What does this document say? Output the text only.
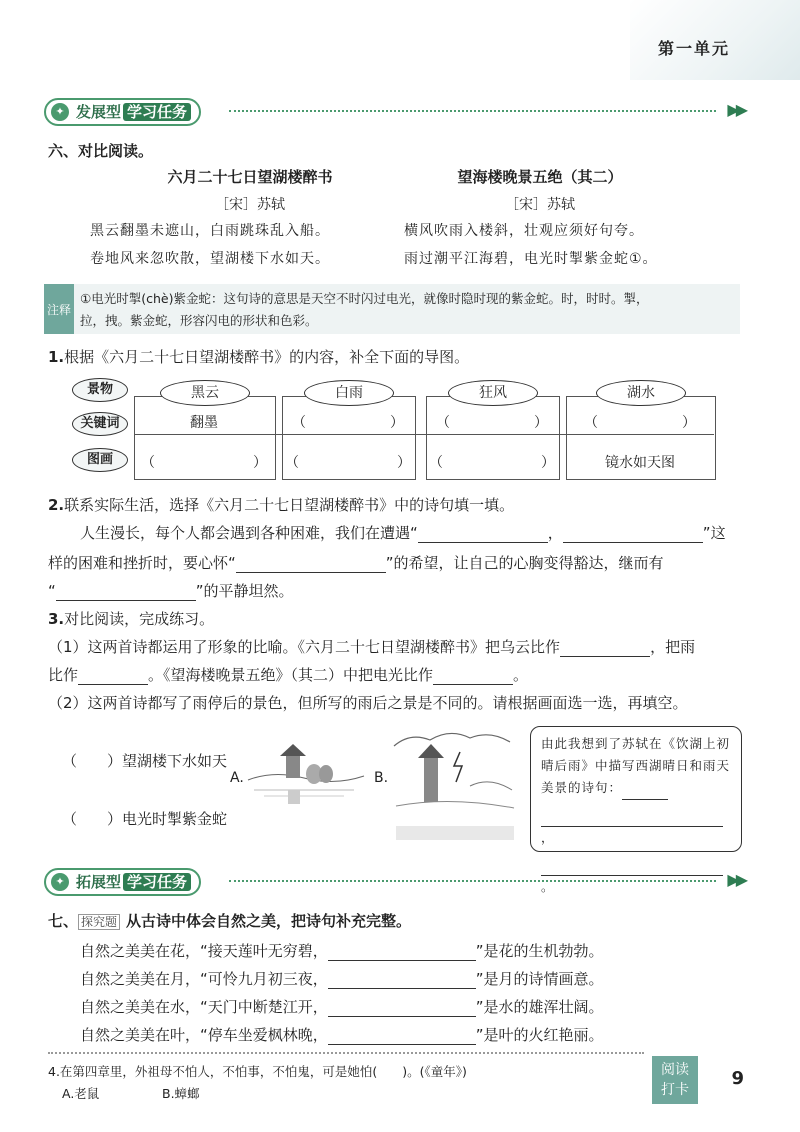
第一单元
✦ 发展型 学习任务	▶▶
六、对比阅读。
六月二十七日望湖楼醉书
［宋］苏轼
黑云翻墨未遮山，白雨跳珠乱入船。
卷地风来忽吹散，望湖楼下水如天。
望海楼晚景五绝（其二）
［宋］苏轼
横风吹雨入楼斜，壮观应须好句夸。
雨过潮平江海碧，电光时掣紫金蛇①。
注释
①电光时掣(chè)紫金蛇：这句诗的意思是天空不时闪过电光，就像时隐时现的紫金蛇。时，时时。掣，
拉，拽。紫金蛇，形容闪电的形状和色彩。
1.根据《六月二十七日望湖楼醉书》的内容，补全下面的导图。
景物
关键词
图画
黑云	白雨	狂风	湖水
翻墨	（　　　　　　）	（　　　　　　）	（　　　　　　）
（　　　　　　　）	（　　　　　　　） （　　　　　　　）	镜水如天图
2.联系实际生活，选择《六月二十七日望湖楼醉书》中的诗句填一填。
人生漫长，每个人都会遇到各种困难，我们在遭遇“	，	”这
样的困难和挫折时，要心怀“	”的希望，让自己的心胸变得豁达，继而有
“	”的平静坦然。
3.对比阅读，完成练习。
（1）这两首诗都运用了形象的比喻。《六月二十七日望湖楼醉书》把乌云比作	，把雨
比作	。《望海楼晚景五绝》（其二）中把电光比作	。
（2）这两首诗都写了雨停后的景色，但所写的雨后之景是不同的。请根据画面选一选，再填空。
（　　）望湖楼下水如天
（　　）电光时掣紫金蛇
A.	B.
由此我想到了苏轼在《饮湖上初晴后雨》中描写西湖晴日和雨天美景的诗句：
，
。
✦ 拓展型 学习任务	▶▶
七、 探究题 从古诗中体会自然之美，把诗句补充完整。
自然之美美在花，“接天莲叶无穷碧，	”是花的生机勃勃。
自然之美美在月，“可怜九月初三夜，	”是月的诗情画意。
自然之美美在水，“天门中断楚江开，	”是水的雄浑壮阔。
自然之美美在叶，“停车坐爱枫林晚，	”是叶的火红艳丽。
4.在第四章里，外祖母不怕人，不怕事，不怕鬼，可是她怕(　　)。(《童年》)
A.老鼠	B.蟑螂
阅读
打卡
9
